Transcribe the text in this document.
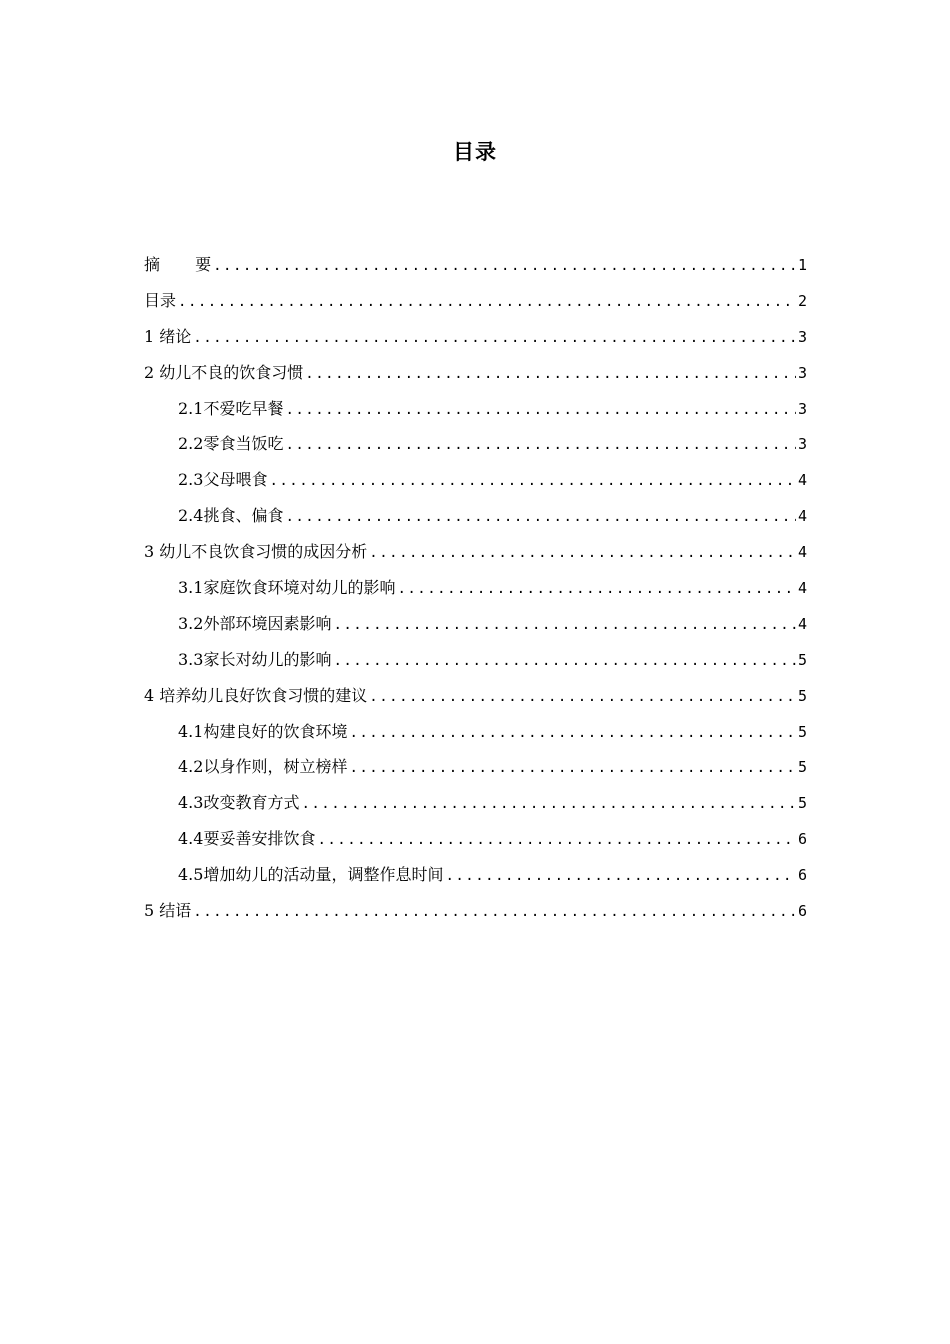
目录
摘 要 .....	1
目录 .....	2
1 绪论 .....	3
2 幼儿不良的饮食习惯 .....	3
2.1不爱吃早餐 .....	3
2.2零食当饭吃 .....	3
2.3父母喂食 .....	4
2.4挑食、偏食 .....	4
3 幼儿不良饮食习惯的成因分析 .....	4
3.1家庭饮食环境对幼儿的影响 .....	4
3.2外部环境因素影响 .....	4
3.3家长对幼儿的影响 .....	5
4 培养幼儿良好饮食习惯的建议 .....	5
4.1构建良好的饮食环境 .....	5
4.2以身作则，树立榜样 .....	5
4.3改变教育方式 .....	5
4.4要妥善安排饮食 .....	6
4.5增加幼儿的活动量，调整作息时间 .....	6
5 结语 .....	6
